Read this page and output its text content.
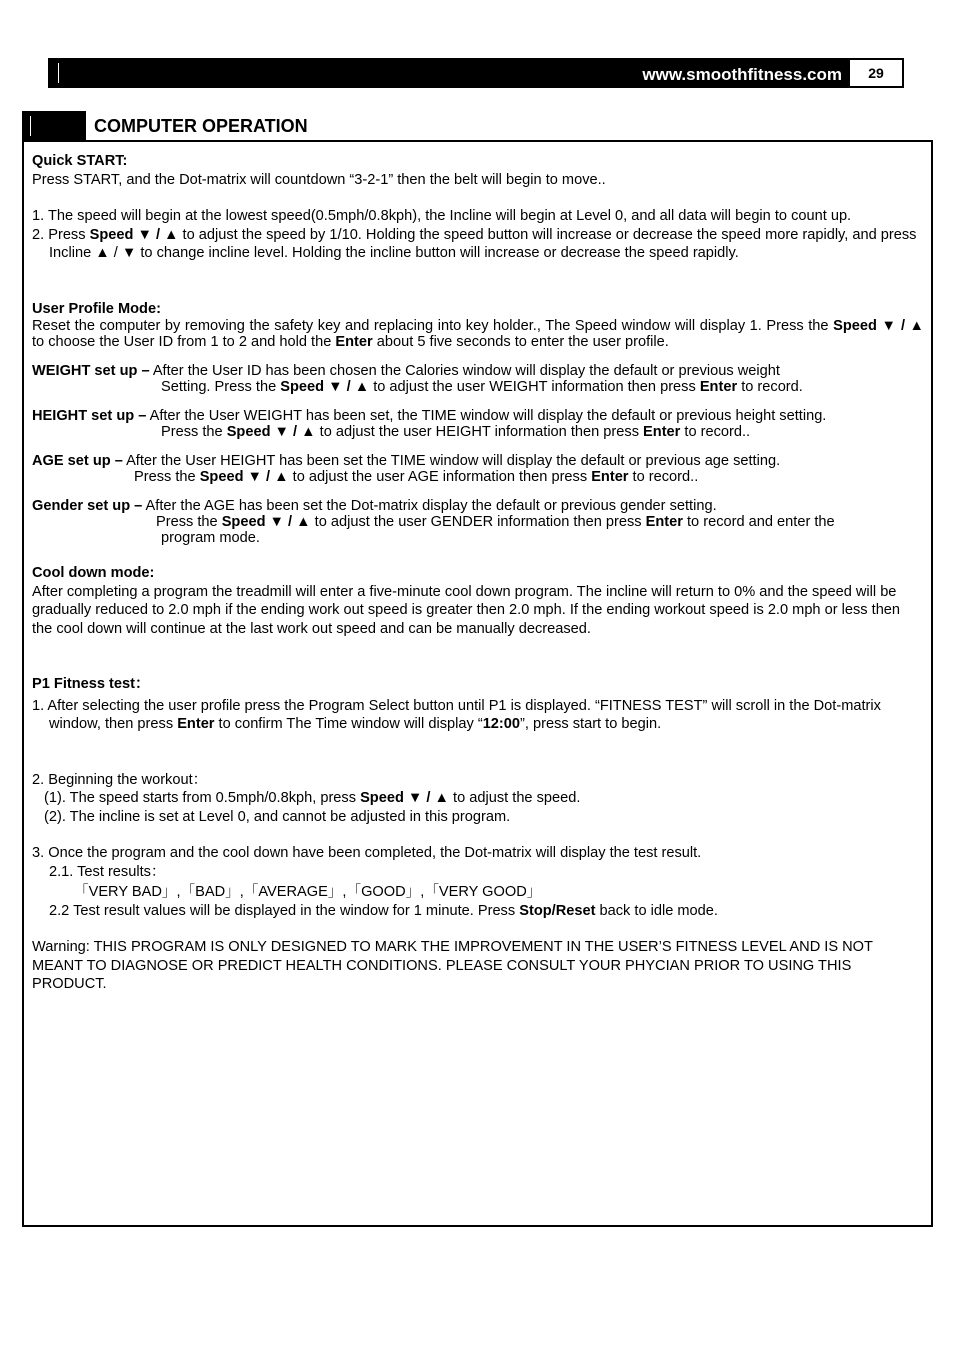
www.smoothfitness.com	29
COMPUTER OPERATION

Quick START:

Press START, and the Dot-matrix will countdown “3-2-1” then the belt will begin to move..

1. The speed will begin at the lowest speed(0.5mph/0.8kph), the Incline will begin at Level 0, and all data will begin to count up.

2. Press Speed ▼ / ▲ to adjust the speed by 1/10. Holding the speed button will increase or decrease the speed more rapidly, and press Incline ▲ / ▼ to change incline level. Holding the incline button will increase or decrease the speed rapidly.

User Profile Mode:

Reset the computer by removing the safety key and replacing into key holder., The Speed window will display 1. Press the Speed ▼ / ▲ to choose the User ID from 1 to 2 and hold the Enter about 5 five seconds to enter the user profile.

WEIGHT set up – After the User ID has been chosen the Calories window will display the default or previous weight

Setting. Press the Speed ▼ / ▲ to adjust the user WEIGHT information then press Enter to record.

HEIGHT set up – After the User WEIGHT has been set, the TIME window will display the default or previous height setting.

Press the Speed ▼ / ▲ to adjust the user HEIGHT information then press Enter to record..

AGE set up – After the User HEIGHT has been set the TIME window will display the default or previous age setting.

Press the Speed ▼ / ▲ to adjust the user AGE information then press Enter to record..

Gender set up – After the AGE has been set the Dot-matrix display the default or previous gender setting.

Press the Speed ▼ / ▲ to adjust the user GENDER information then press Enter to record and enter the

program mode.

Cool down mode:

After completing a program the treadmill will enter a five-minute cool down program. The incline will return to 0% and the speed will be gradually reduced to 2.0 mph if the ending work out speed is greater then 2.0 mph. If the ending workout speed is 2.0 mph or less then the cool down will continue at the last work out speed and can be manually decreased.

P1 Fitness test：

1. After selecting the user profile press the Program Select button until P1 is displayed. “FITNESS TEST” will scroll in the Dot-matrix window, then press Enter to confirm The Time window will display “12:00”, press start to begin.

2. Beginning the workout：

(1). The speed starts from 0.5mph/0.8kph, press Speed ▼ / ▲ to adjust the speed.

(2). The incline is set at Level 0, and cannot be adjusted in this program.

3. Once the program and the cool down have been completed, the Dot-matrix will display the test result.

2.1. Test results：

「VERY BAD」,「BAD」,「AVERAGE」,「GOOD」,「VERY GOOD」

2.2 Test result values will be displayed in the window for 1 minute. Press Stop/Reset back to idle mode.

Warning: THIS PROGRAM IS ONLY DESIGNED TO MARK THE IMPROVEMENT IN THE USER’S FITNESS LEVEL AND IS NOT MEANT TO DIAGNOSE OR PREDICT HEALTH CONDITIONS. PLEASE CONSULT YOUR PHYCIAN PRIOR TO USING THIS PRODUCT.
